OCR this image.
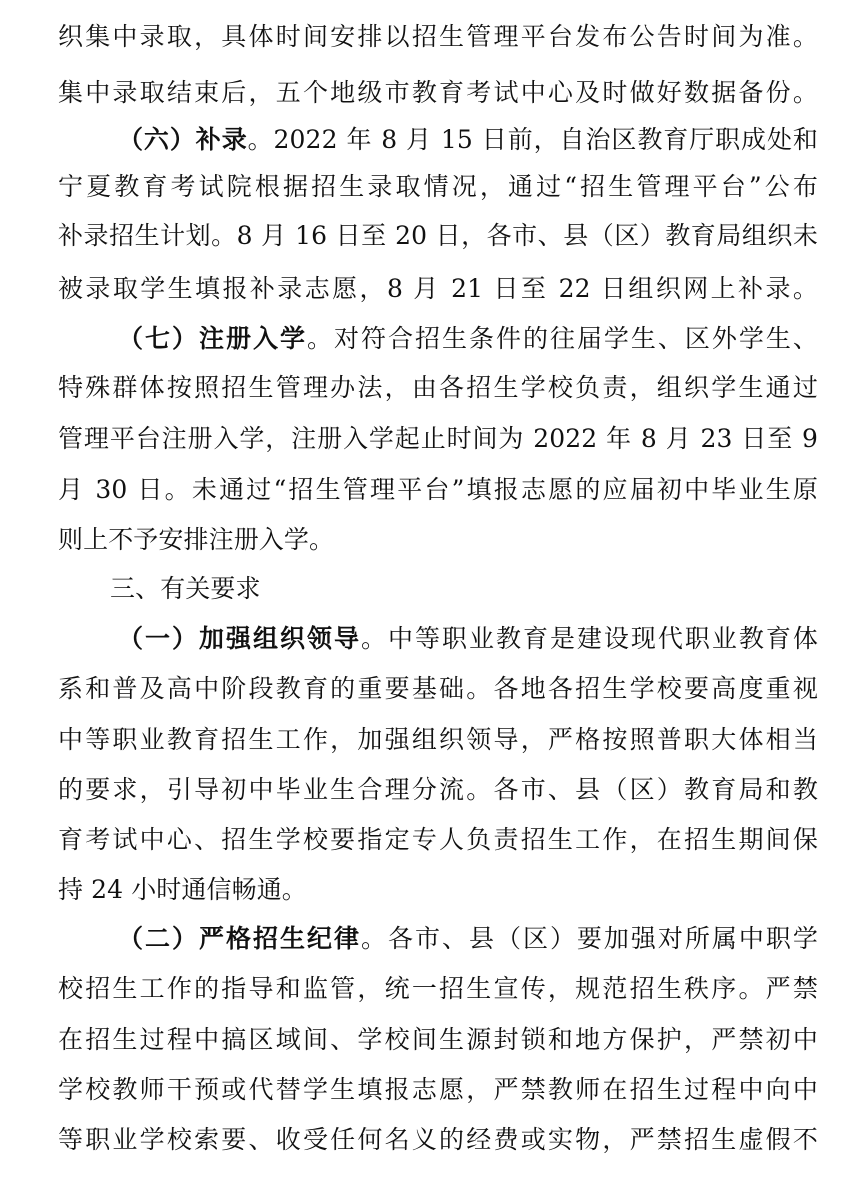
织集中录取，具体时间安排以招生管理平台发布公告时间为准。
集中录取结束后，五个地级市教育考试中心及时做好数据备份。
（六）补录。2022 年 8 月 15 日前，自治区教育厅职成处和
宁夏教育考试院根据招生录取情况，通过“招生管理平台”公布
补录招生计划。8 月 16 日至 20 日，各市、县（区）教育局组织未
被录取学生填报补录志愿，8 月 21 日至 22 日组织网上补录。
（七）注册入学。对符合招生条件的往届学生、区外学生、
特殊群体按照招生管理办法，由各招生学校负责，组织学生通过
管理平台注册入学，注册入学起止时间为 2022 年 8 月 23 日至 9
月 30 日。未通过“招生管理平台”填报志愿的应届初中毕业生原
则上不予安排注册入学。
三、有关要求
（一）加强组织领导。中等职业教育是建设现代职业教育体
系和普及高中阶段教育的重要基础。各地各招生学校要高度重视
中等职业教育招生工作，加强组织领导，严格按照普职大体相当
的要求，引导初中毕业生合理分流。各市、县（区）教育局和教
育考试中心、招生学校要指定专人负责招生工作，在招生期间保
持 24 小时通信畅通。
（二）严格招生纪律。各市、县（区）要加强对所属中职学
校招生工作的指导和监管，统一招生宣传，规范招生秩序。严禁
在招生过程中搞区域间、学校间生源封锁和地方保护，严禁初中
学校教师干预或代替学生填报志愿，严禁教师在招生过程中向中
等职业学校索要、收受任何名义的经费或实物，严禁招生虚假不
